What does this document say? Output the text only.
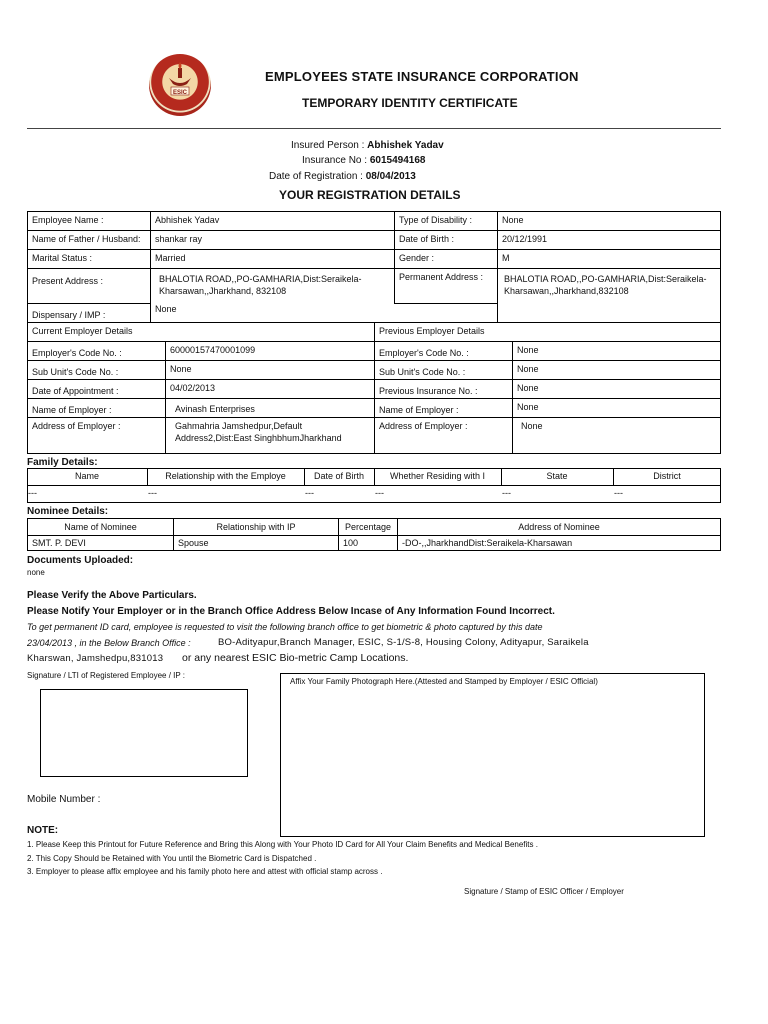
ESIC
EMPLOYEES STATE INSURANCE CORPORATION
TEMPORARY IDENTITY CERTIFICATE
Insured Person : Abhishek Yadav
Insurance No : 6015494168
Date of Registration : 08/04/2013
YOUR REGISTRATION DETAILS
Employee Name :	Abhishek Yadav	Type of Disability :	None
Name of Father / Husband:	shankar ray	Date of Birth :	20/12/1991
Marital Status :	Married	Gender :	M
Present Address :	BHALOTIA ROAD,,PO-GAMHARIA,Dist:Seraikela-Kharsawan,,Jharkhand, 832108
Permanent Address :	BHALOTIA ROAD,,PO-GAMHARIA,Dist:Seraikela-Kharsawan,,Jharkhand,832108
Dispensary / IMP :
None
Current Employer Details	Previous Employer Details
Employer's Code No. :	60000157470001099	Employer's Code No. :	None
Sub Unit's Code No. :	None	Sub Unit's Code No. :	None
Date of Appointment :	04/02/2013	Previous Insurance No. :	None
Name of Employer :	Avinash Enterprises	Name of Employer :	None
Address of Employer :	Gahmahria Jamshedpur,Default Address2,Dist:East SinghbhumJharkhand
Address of Employer :	None
Family Details:
Name	Relationship with the Employe	Date of Birth	Whether Residing with I	State	District
---	---	---	---	---	---
Nominee Details:
Name of Nominee	Relationship with IP	Percentage	Address of Nominee
SMT. P. DEVI	Spouse	100	-DO-,,JharkhandDist:Seraikela-Kharsawan
Documents Uploaded:
none
Please Verify the Above Particulars.
Please Notify Your Employer or in the Branch Office Address Below Incase of Any Information Found Incorrect.
To get permanent ID card, employee is requested to visit the following branch office to get biometric & photo captured by this date
23/04/2013 , in the Below Branch Office :	BO-Adityapur,Branch Manager, ESIC, S-1/S-8, Housing Colony, Adityapur, Saraikela
Kharswan, Jamshedpu,831013 or any nearest ESIC Bio-metric Camp Locations.
Signature / LTI of Registered Employee / IP :
Affix Your Family Photograph Here.(Attested and Stamped by Employer / ESIC Official)
Mobile Number :
NOTE:
1. Please Keep this Printout for Future Reference and Bring this Along with Your Photo ID Card for All Your Claim Benefits and Medical Benefits .
2. This Copy Should be Retained with You until the Biometric Card is Dispatched .
3. Employer to please affix employee and his family photo here and attest with official stamp across .
Signature / Stamp of ESIC Officer / Employer
